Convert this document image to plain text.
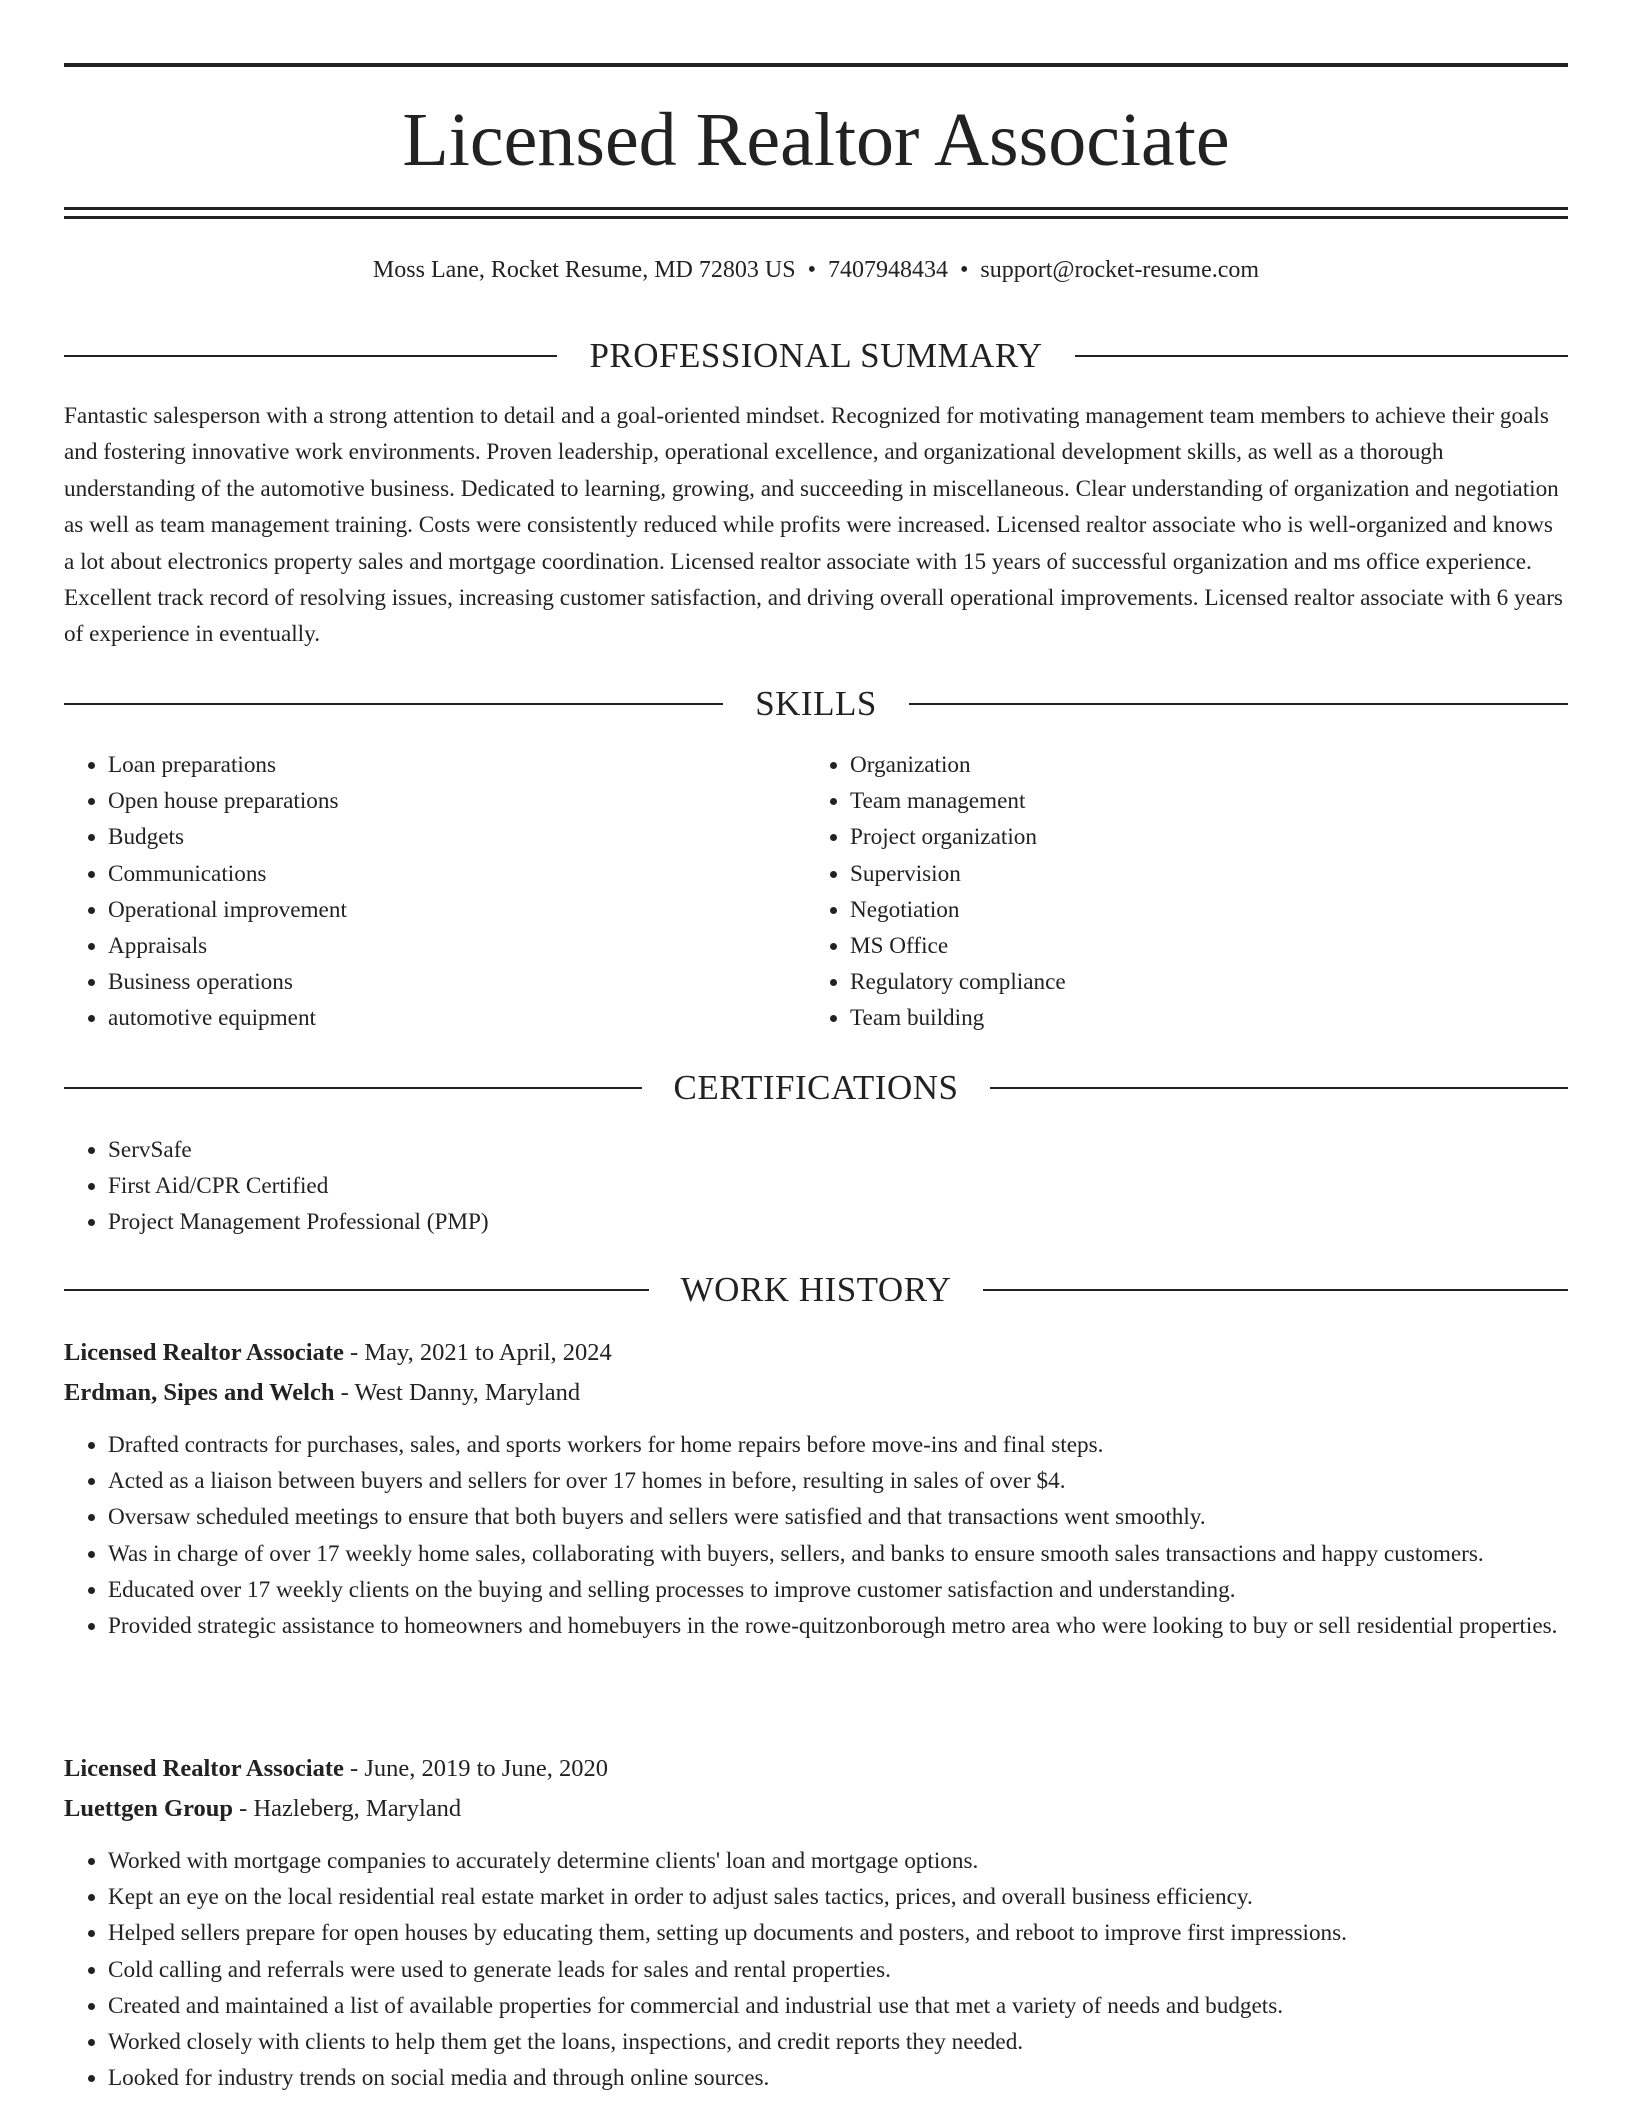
Licensed Realtor Associate
Moss Lane, Rocket Resume, MD 72803 US • 7407948434 • support@rocket-resume.com
PROFESSIONAL SUMMARY

Fantastic salesperson with a strong attention to detail and a goal-oriented mindset. Recognized for motivating management team members to achieve their goals and fostering innovative work environments. Proven leadership, operational excellence, and organizational development skills, as well as a thorough understanding of the automotive business. Dedicated to learning, growing, and succeeding in miscellaneous. Clear understanding of organization and negotiation as well as team management training. Costs were consistently reduced while profits were increased. Licensed realtor associate who is well-organized and knows a lot about electronics property sales and mortgage coordination. Licensed realtor associate with 15 years of successful organization and ms office experience. Excellent track record of resolving issues, increasing customer satisfaction, and driving overall operational improvements. Licensed realtor associate with 6 years of experience in eventually.

SKILLS
• Loan preparations
• Open house preparations
• Budgets
• Communications
• Operational improvement
• Appraisals
• Business operations
• automotive equipment
• Organization
• Team management
• Project organization
• Supervision
• Negotiation
• MS Office
• Regulatory compliance
• Team building
CERTIFICATIONS
• ServSafe
• First Aid/CPR Certified
• Project Management Professional (PMP)
WORK HISTORY
Licensed Realtor Associate - May, 2021 to April, 2024
Erdman, Sipes and Welch - West Danny, Maryland
• Drafted contracts for purchases, sales, and sports workers for home repairs before move-ins and final steps.
• Acted as a liaison between buyers and sellers for over 17 homes in before, resulting in sales of over $4.
• Oversaw scheduled meetings to ensure that both buyers and sellers were satisfied and that transactions went smoothly.
• Was in charge of over 17 weekly home sales, collaborating with buyers, sellers, and banks to ensure smooth sales transactions and happy customers.
• Educated over 17 weekly clients on the buying and selling processes to improve customer satisfaction and understanding.
• Provided strategic assistance to homeowners and homebuyers in the rowe-quitzonborough metro area who were looking to buy or sell residential properties.
Licensed Realtor Associate - June, 2019 to June, 2020
Luettgen Group - Hazleberg, Maryland
• Worked with mortgage companies to accurately determine clients' loan and mortgage options.
• Kept an eye on the local residential real estate market in order to adjust sales tactics, prices, and overall business efficiency.
• Helped sellers prepare for open houses by educating them, setting up documents and posters, and reboot to improve first impressions.
• Cold calling and referrals were used to generate leads for sales and rental properties.
• Created and maintained a list of available properties for commercial and industrial use that met a variety of needs and budgets.
• Worked closely with clients to help them get the loans, inspections, and credit reports they needed.
• Looked for industry trends on social media and through online sources.
